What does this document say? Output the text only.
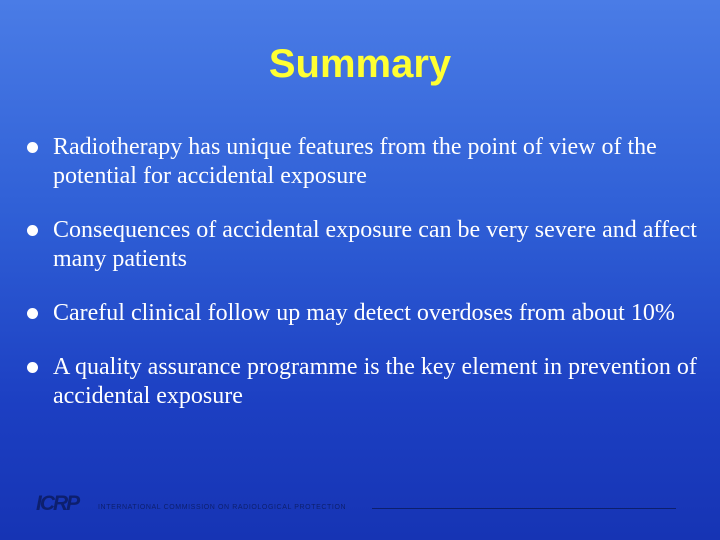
Summary
Radiotherapy has unique features from the point of view of the potential for accidental exposure
Consequences of accidental exposure can be very severe and affect many patients
Careful clinical follow up may detect overdoses from about 10%
A quality assurance programme is the key element in prevention of accidental exposure
ICRP	INTERNATIONAL COMMISSION ON RADIOLOGICAL PROTECTION
